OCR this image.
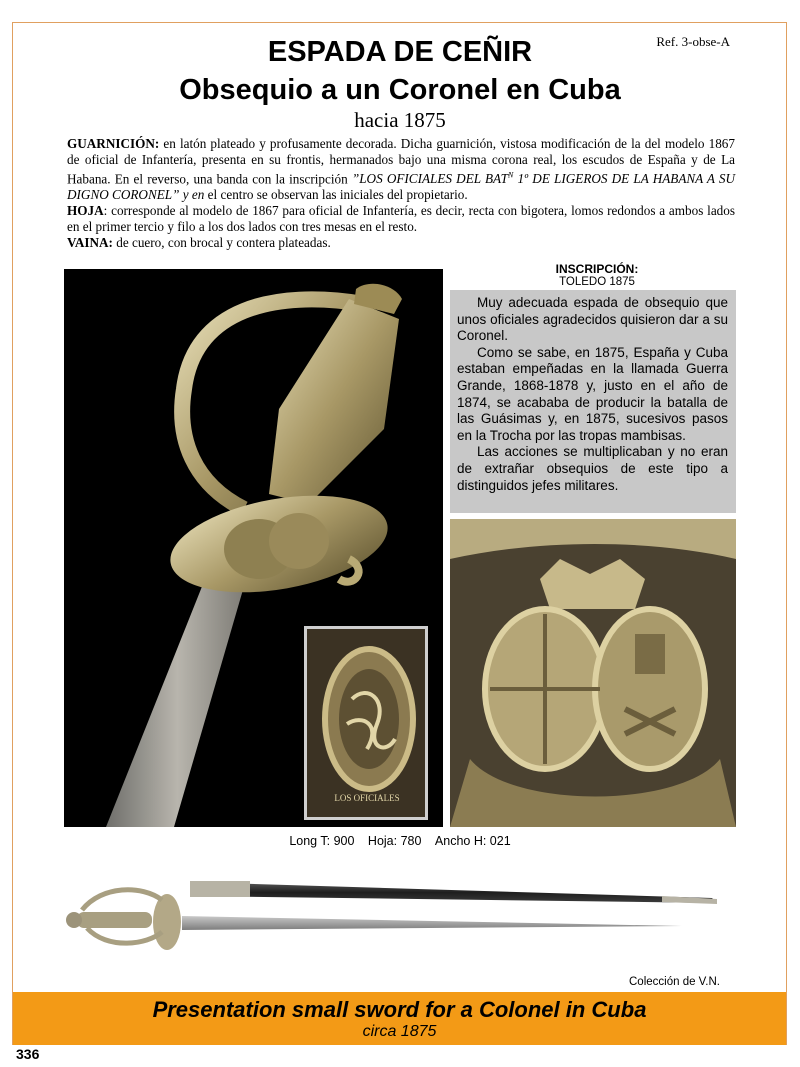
Ref. 3-obse-A
ESPADA DE CEÑIR
Obsequio a un Coronel en Cuba
hacia 1875

GUARNICIÓN: en latón plateado y profusamente decorada. Dicha guarnición, vistosa modificación de la del modelo 1867 de oficial de Infantería, presenta en su frontis, hermanados bajo una misma corona real, los escudos de España y de La Habana. En el reverso, una banda con la inscripción ”LOS OFICIALES DEL $BAT^N$ 1º DE LIGEROS DE LA HABANA A SU DIGNO CORONEL” y en el centro se observan las iniciales del propietario.

HOJA: corresponde al modelo de 1867 para oficial de Infantería, es decir, recta con bigotera, lomos redondos a ambos lados en el primer tercio y filo a los dos lados con tres mesas en el resto.

VAINA: de cuero, con brocal y contera plateadas.

LOS OFICIALES
INSCRIPCIÓN:
TOLEDO 1875

Muy adecuada espada de obsequio que unos oficiales agradecidos quisieron dar a su Coronel.

Como se sabe, en 1875, España y Cuba estaban empeñadas en la llamada Guerra Grande, 1868-1878 y, justo en el año de 1874, se acababa de producir la batalla de las Guásimas y, en 1875, sucesivos pasos en la Trocha por las tropas mambisas.

Las acciones se multiplicaban y no eran de extrañar obsequios de este tipo a distinguidos jefes militares.

Long T: 900 Hoja: 780 Ancho H: 021
Colección de V.N.
Presentation small sword for a Colonel in Cuba
circa 1875
336
